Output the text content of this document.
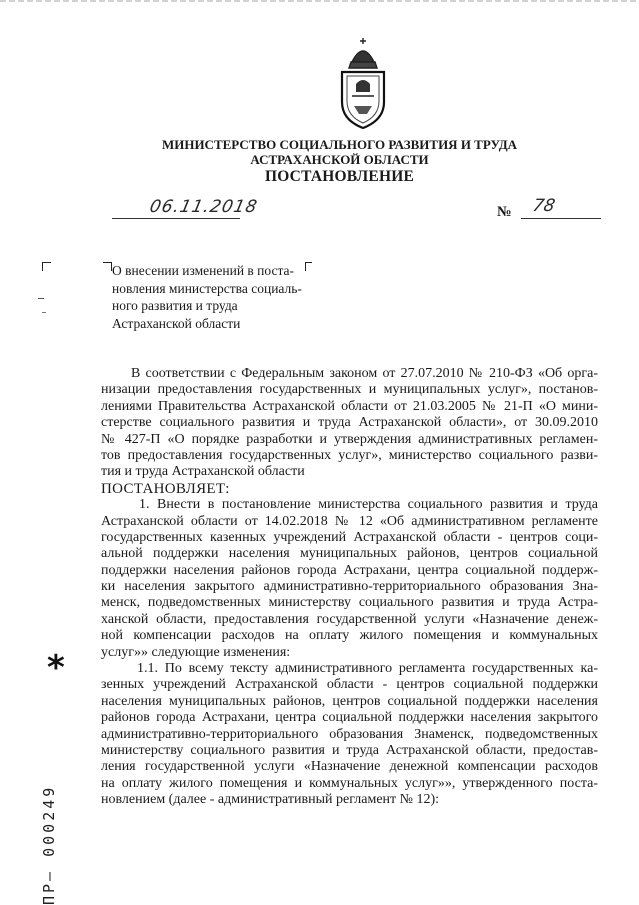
МИНИСТЕРСТВО СОЦИАЛЬНОГО РАЗВИТИЯ И ТРУДА
АСТРАХАНСКОЙ ОБЛАСТИ
ПОСТАНОВЛЕНИЕ
06.11.2018	№ 78
О внесении изменений в поста-
новления министерства социаль-
ного развития и труда
Астраханской области
В соответствии с Федеральным законом от 27.07.2010 № 210-ФЗ «Об орга-
низации предоставления государственных и муниципальных услуг», постанов-
лениями Правительства Астраханской области от 21.03.2005 № 21-П «О мини-
стерстве социального развития и труда Астраханской области», от 30.09.2010
№ 427-П «О порядке разработки и утверждения административных регламен-
тов предоставления государственных услуг», министерство социального разви-
тия и труда Астраханской области
ПОСТАНОВЛЯЕТ:
1. Внести в постановление министерства социального развития и труда
Астраханской области от 14.02.2018 № 12 «Об административном регламенте
государственных казенных учреждений Астраханской области - центров соци-
альной поддержки населения муниципальных районов, центров социальной
поддержки населения районов города Астрахани, центра социальной поддерж-
ки населения закрытого административно-территориального образования Зна-
менск, подведомственных министерству социального развития и труда Астра-
ханской области, предоставления государственной услуги «Назначение денеж-
ной компенсации расходов на оплату жилого помещения и коммунальных
услуг»» следующие изменения:
1.1. По всему тексту административного регламента государственных ка-
зенных учреждений Астраханской области - центров социальной поддержки
населения муниципальных районов, центров социальной поддержки населения
районов города Астрахани, центра социальной поддержки населения закрытого
административно-территориального образования Знаменск, подведомственных
министерству социального развития и труда Астраханской области, предостав-
ления государственной услуги «Назначение денежной компенсации расходов
на оплату жилого помещения и коммунальных услуг»», утвержденного поста-
новлением (далее - административный регламент № 12):
*
ПР– 000249
